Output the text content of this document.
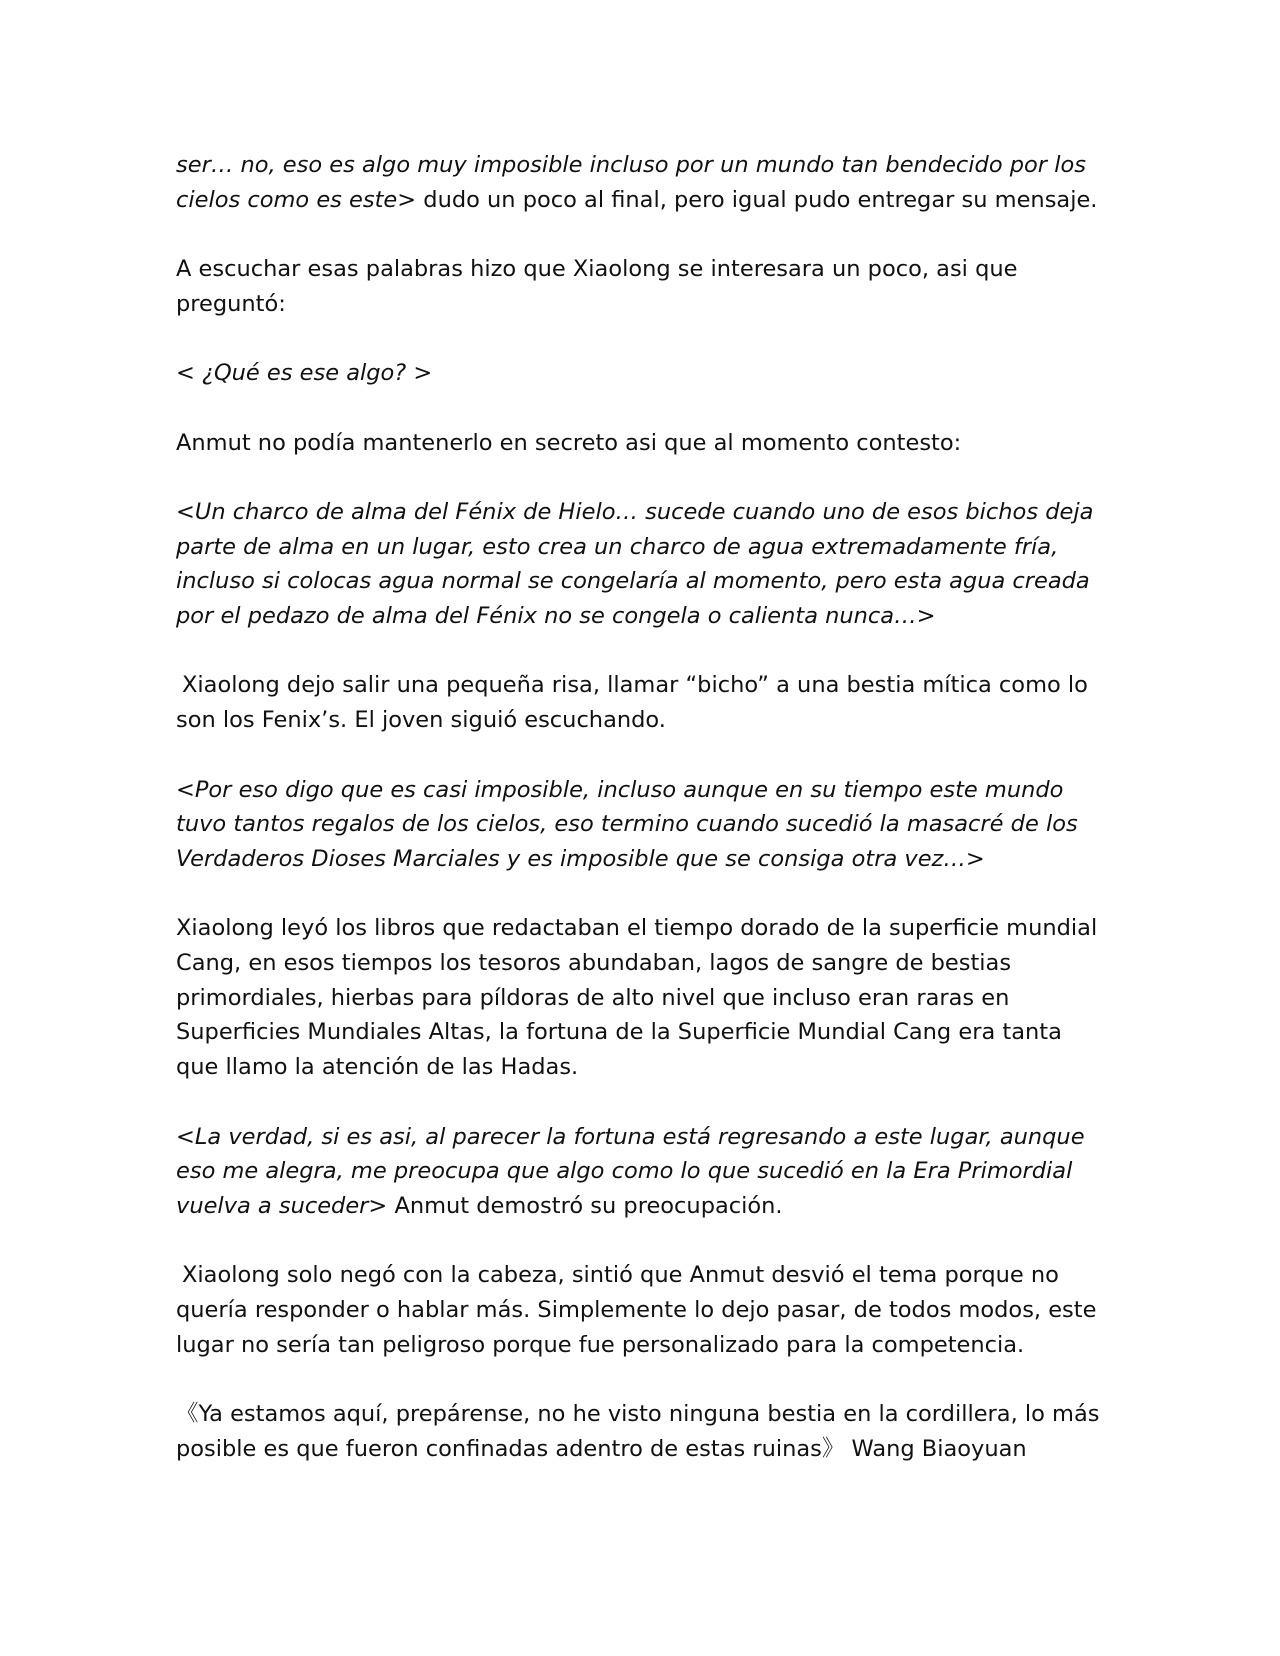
ser… no, eso es algo muy imposible incluso por un mundo tan bendecido por los cielos como es este> dudo un poco al final, pero igual pudo entregar su mensaje.

A escuchar esas palabras hizo que Xiaolong se interesara un poco, asi que preguntó:

< ¿Qué es ese algo? >

Anmut no podía mantenerlo en secreto asi que al momento contesto:

<Un charco de alma del Fénix de Hielo… sucede cuando uno de esos bichos deja parte de alma en un lugar, esto crea un charco de agua extremadamente fría, incluso si colocas agua normal se congelaría al momento, pero esta agua creada por el pedazo de alma del Fénix no se congela o calienta nunca…>

Xiaolong dejo salir una pequeña risa, llamar “bicho” a una bestia mítica como lo son los Fenix’s. El joven siguió escuchando.

<Por eso digo que es casi imposible, incluso aunque en su tiempo este mundo tuvo tantos regalos de los cielos, eso termino cuando sucedió la masacré de los Verdaderos Dioses Marciales y es imposible que se consiga otra vez…>

Xiaolong leyó los libros que redactaban el tiempo dorado de la superficie mundial Cang, en esos tiempos los tesoros abundaban, lagos de sangre de bestias primordiales, hierbas para píldoras de alto nivel que incluso eran raras en Superficies Mundiales Altas, la fortuna de la Superficie Mundial Cang era tanta que llamo la atención de las Hadas.

<La verdad, si es asi, al parecer la fortuna está regresando a este lugar, aunque eso me alegra, me preocupa que algo como lo que sucedió en la Era Primordial vuelva a suceder> Anmut demostró su preocupación.

Xiaolong solo negó con la cabeza, sintió que Anmut desvió el tema porque no quería responder o hablar más. Simplemente lo dejo pasar, de todos modos, este lugar no sería tan peligroso porque fue personalizado para la competencia.

《Ya estamos aquí, prepárense, no he visto ninguna bestia en la cordillera, lo más posible es que fueron confinadas adentro de estas ruinas》 Wang Biaoyuan
